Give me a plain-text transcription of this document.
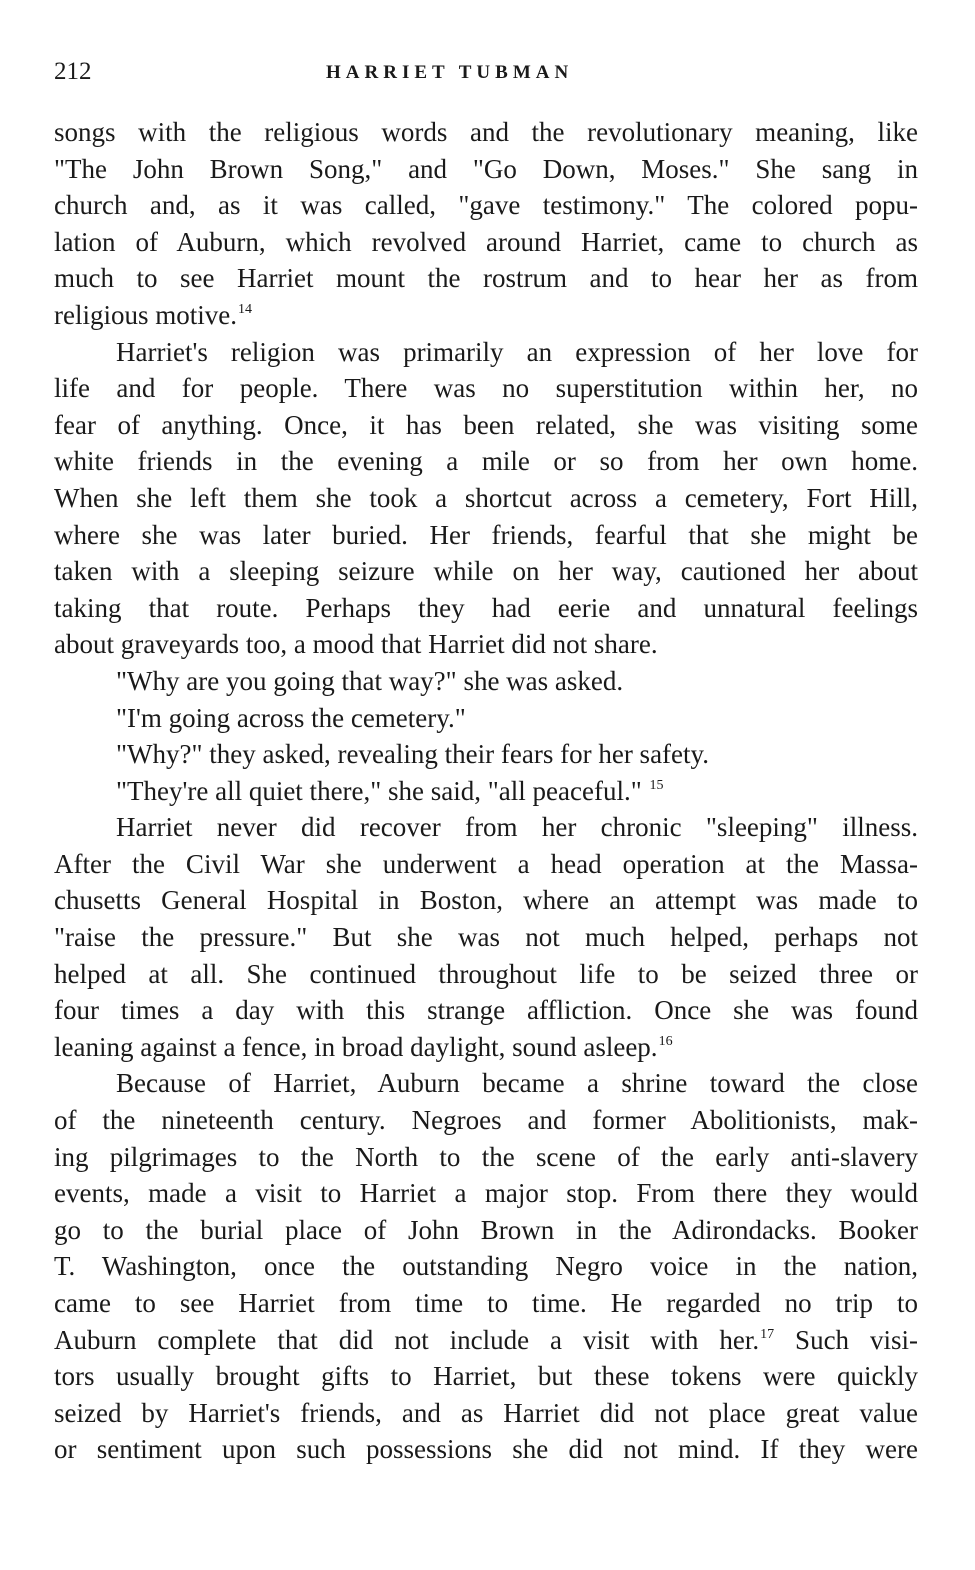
212	HARRIET TUBMAN
songs with the religious words and the revolutionary meaning, like
"The John Brown Song," and "Go Down, Moses." She sang in
church and, as it was called, "gave testimony." The colored popu-
lation of Auburn, which revolved around Harriet, came to church as
much to see Harriet mount the rostrum and to hear her as from
religious motive.$^{14}$
Harriet's religion was primarily an expression of her love for
life and for people. There was no superstitution within her, no
fear of anything. Once, it has been related, she was visiting some
white friends in the evening a mile or so from her own home.
When she left them she took a shortcut across a cemetery, Fort Hill,
where she was later buried. Her friends, fearful that she might be
taken with a sleeping seizure while on her way, cautioned her about
taking that route. Perhaps they had eerie and unnatural feelings
about graveyards too, a mood that Harriet did not share.
"Why are you going that way?" she was asked.
"I'm going across the cemetery."
"Why?" they asked, revealing their fears for her safety.
"They're all quiet there," she said, "all peaceful." $^{15}$
Harriet never did recover from her chronic "sleeping" illness.
After the Civil War she underwent a head operation at the Massa-
chusetts General Hospital in Boston, where an attempt was made to
"raise the pressure." But she was not much helped, perhaps not
helped at all. She continued throughout life to be seized three or
four times a day with this strange affliction. Once she was found
leaning against a fence, in broad daylight, sound asleep.$^{16}$
Because of Harriet, Auburn became a shrine toward the close
of the nineteenth century. Negroes and former Abolitionists, mak-
ing pilgrimages to the North to the scene of the early anti-slavery
events, made a visit to Harriet a major stop. From there they would
go to the burial place of John Brown in the Adirondacks. Booker
T. Washington, once the outstanding Negro voice in the nation,
came to see Harriet from time to time. He regarded no trip to
Auburn complete that did not include a visit with her.$^{17}$ Such visi-
tors usually brought gifts to Harriet, but these tokens were quickly
seized by Harriet's friends, and as Harriet did not place great value
or sentiment upon such possessions she did not mind. If they were
